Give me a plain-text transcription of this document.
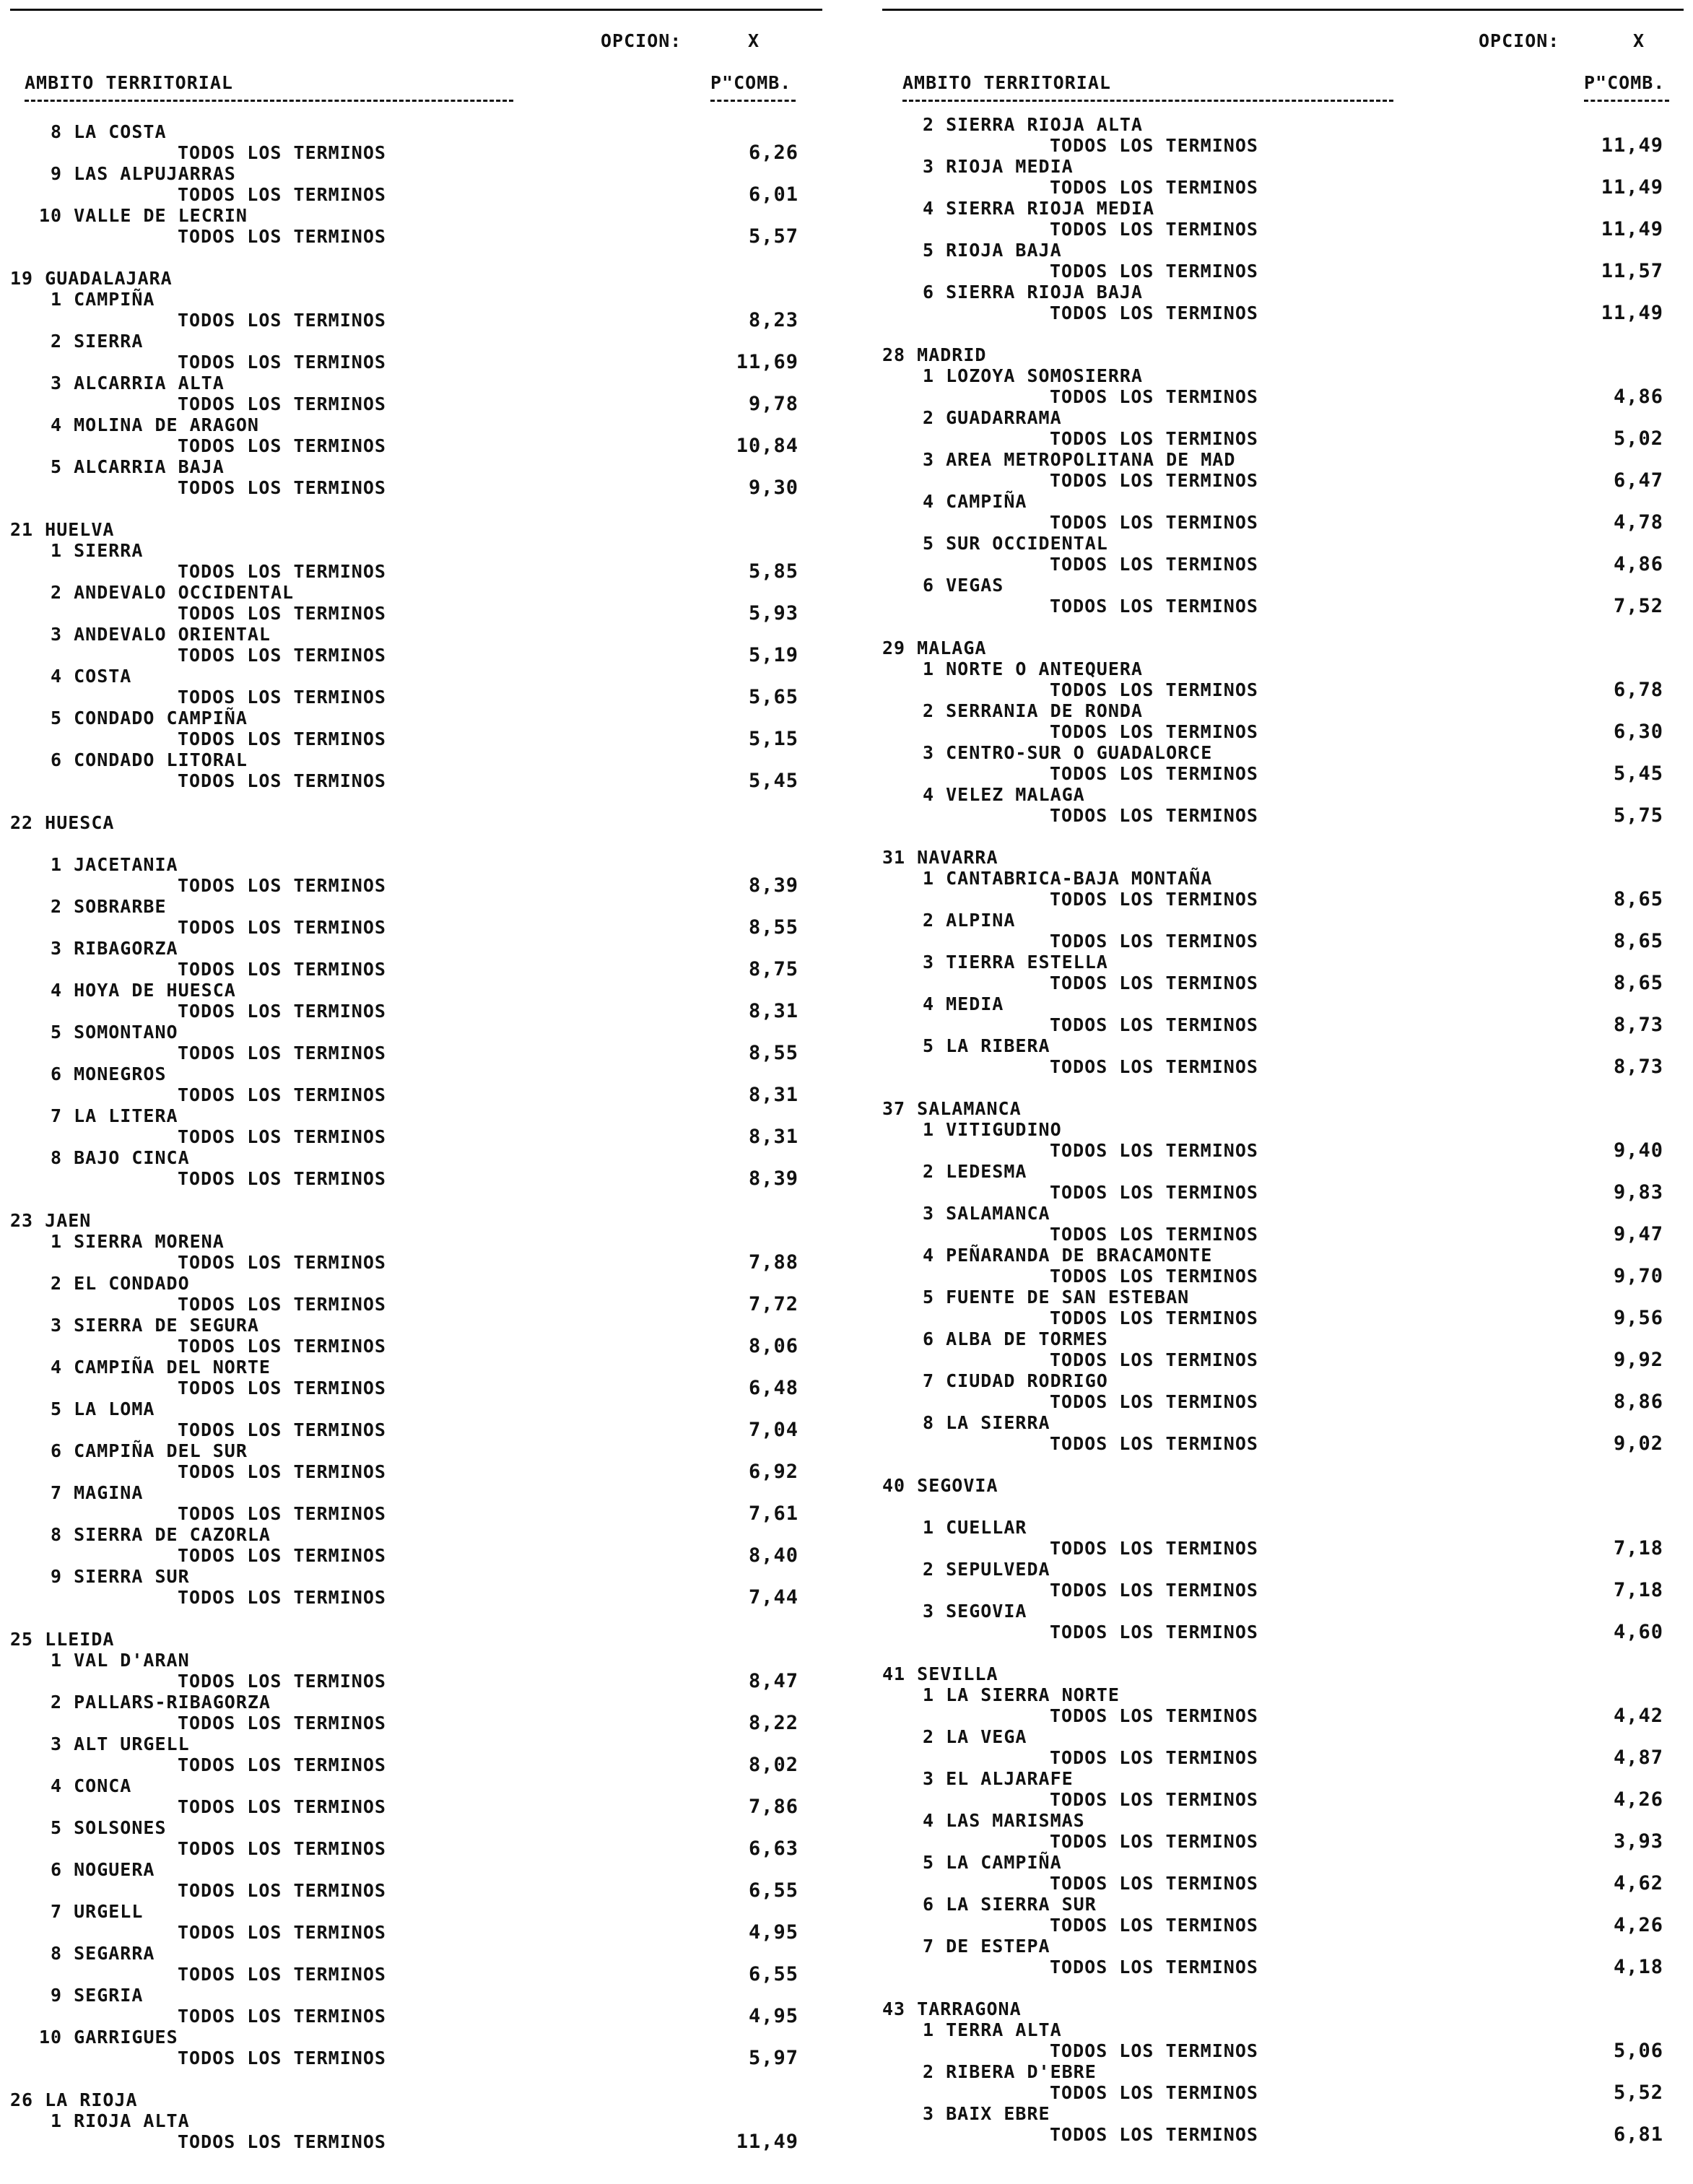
OPCION:	X
AMBITO TERRITORIAL	P"COMB.
8 LA COSTA
TODOS LOS TERMINOS	6,26
9 LAS ALPUJARRAS
TODOS LOS TERMINOS	6,01
10 VALLE DE LECRIN
TODOS LOS TERMINOS	5,57
19 GUADALAJARA
1 CAMPIÑA
TODOS LOS TERMINOS	8,23
2 SIERRA
TODOS LOS TERMINOS	11,69
3 ALCARRIA ALTA
TODOS LOS TERMINOS	9,78
4 MOLINA DE ARAGON
TODOS LOS TERMINOS	10,84
5 ALCARRIA BAJA
TODOS LOS TERMINOS	9,30
21 HUELVA
1 SIERRA
TODOS LOS TERMINOS	5,85
2 ANDEVALO OCCIDENTAL
TODOS LOS TERMINOS	5,93
3 ANDEVALO ORIENTAL
TODOS LOS TERMINOS	5,19
4 COSTA
TODOS LOS TERMINOS	5,65
5 CONDADO CAMPIÑA
TODOS LOS TERMINOS	5,15
6 CONDADO LITORAL
TODOS LOS TERMINOS	5,45
22 HUESCA
1 JACETANIA
TODOS LOS TERMINOS	8,39
2 SOBRARBE
TODOS LOS TERMINOS	8,55
3 RIBAGORZA
TODOS LOS TERMINOS	8,75
4 HOYA DE HUESCA
TODOS LOS TERMINOS	8,31
5 SOMONTANO
TODOS LOS TERMINOS	8,55
6 MONEGROS
TODOS LOS TERMINOS	8,31
7 LA LITERA
TODOS LOS TERMINOS	8,31
8 BAJO CINCA
TODOS LOS TERMINOS	8,39
23 JAEN
1 SIERRA MORENA
TODOS LOS TERMINOS	7,88
2 EL CONDADO
TODOS LOS TERMINOS	7,72
3 SIERRA DE SEGURA
TODOS LOS TERMINOS	8,06
4 CAMPIÑA DEL NORTE
TODOS LOS TERMINOS	6,48
5 LA LOMA
TODOS LOS TERMINOS	7,04
6 CAMPIÑA DEL SUR
TODOS LOS TERMINOS	6,92
7 MAGINA
TODOS LOS TERMINOS	7,61
8 SIERRA DE CAZORLA
TODOS LOS TERMINOS	8,40
9 SIERRA SUR
TODOS LOS TERMINOS	7,44
25 LLEIDA
1 VAL D'ARAN
TODOS LOS TERMINOS	8,47
2 PALLARS-RIBAGORZA
TODOS LOS TERMINOS	8,22
3 ALT URGELL
TODOS LOS TERMINOS	8,02
4 CONCA
TODOS LOS TERMINOS	7,86
5 SOLSONES
TODOS LOS TERMINOS	6,63
6 NOGUERA
TODOS LOS TERMINOS	6,55
7 URGELL
TODOS LOS TERMINOS	4,95
8 SEGARRA
TODOS LOS TERMINOS	6,55
9 SEGRIA
TODOS LOS TERMINOS	4,95
10 GARRIGUES
TODOS LOS TERMINOS	5,97
26 LA RIOJA
1 RIOJA ALTA
TODOS LOS TERMINOS	11,49
OPCION:	X
AMBITO TERRITORIAL	P"COMB.
2 SIERRA RIOJA ALTA
TODOS LOS TERMINOS	11,49
3 RIOJA MEDIA
TODOS LOS TERMINOS	11,49
4 SIERRA RIOJA MEDIA
TODOS LOS TERMINOS	11,49
5 RIOJA BAJA
TODOS LOS TERMINOS	11,57
6 SIERRA RIOJA BAJA
TODOS LOS TERMINOS	11,49
28 MADRID
1 LOZOYA SOMOSIERRA
TODOS LOS TERMINOS	4,86
2 GUADARRAMA
TODOS LOS TERMINOS	5,02
3 AREA METROPOLITANA DE MAD
TODOS LOS TERMINOS	6,47
4 CAMPIÑA
TODOS LOS TERMINOS	4,78
5 SUR OCCIDENTAL
TODOS LOS TERMINOS	4,86
6 VEGAS
TODOS LOS TERMINOS	7,52
29 MALAGA
1 NORTE O ANTEQUERA
TODOS LOS TERMINOS	6,78
2 SERRANIA DE RONDA
TODOS LOS TERMINOS	6,30
3 CENTRO-SUR O GUADALORCE
TODOS LOS TERMINOS	5,45
4 VELEZ MALAGA
TODOS LOS TERMINOS	5,75
31 NAVARRA
1 CANTABRICA-BAJA MONTAÑA
TODOS LOS TERMINOS	8,65
2 ALPINA
TODOS LOS TERMINOS	8,65
3 TIERRA ESTELLA
TODOS LOS TERMINOS	8,65
4 MEDIA
TODOS LOS TERMINOS	8,73
5 LA RIBERA
TODOS LOS TERMINOS	8,73
37 SALAMANCA
1 VITIGUDINO
TODOS LOS TERMINOS	9,40
2 LEDESMA
TODOS LOS TERMINOS	9,83
3 SALAMANCA
TODOS LOS TERMINOS	9,47
4 PEÑARANDA DE BRACAMONTE
TODOS LOS TERMINOS	9,70
5 FUENTE DE SAN ESTEBAN
TODOS LOS TERMINOS	9,56
6 ALBA DE TORMES
TODOS LOS TERMINOS	9,92
7 CIUDAD RODRIGO
TODOS LOS TERMINOS	8,86
8 LA SIERRA
TODOS LOS TERMINOS	9,02
40 SEGOVIA
1 CUELLAR
TODOS LOS TERMINOS	7,18
2 SEPULVEDA
TODOS LOS TERMINOS	7,18
3 SEGOVIA
TODOS LOS TERMINOS	4,60
41 SEVILLA
1 LA SIERRA NORTE
TODOS LOS TERMINOS	4,42
2 LA VEGA
TODOS LOS TERMINOS	4,87
3 EL ALJARAFE
TODOS LOS TERMINOS	4,26
4 LAS MARISMAS
TODOS LOS TERMINOS	3,93
5 LA CAMPIÑA
TODOS LOS TERMINOS	4,62
6 LA SIERRA SUR
TODOS LOS TERMINOS	4,26
7 DE ESTEPA
TODOS LOS TERMINOS	4,18
43 TARRAGONA
1 TERRA ALTA
TODOS LOS TERMINOS	5,06
2 RIBERA D'EBRE
TODOS LOS TERMINOS	5,52
3 BAIX EBRE
TODOS LOS TERMINOS	6,81
